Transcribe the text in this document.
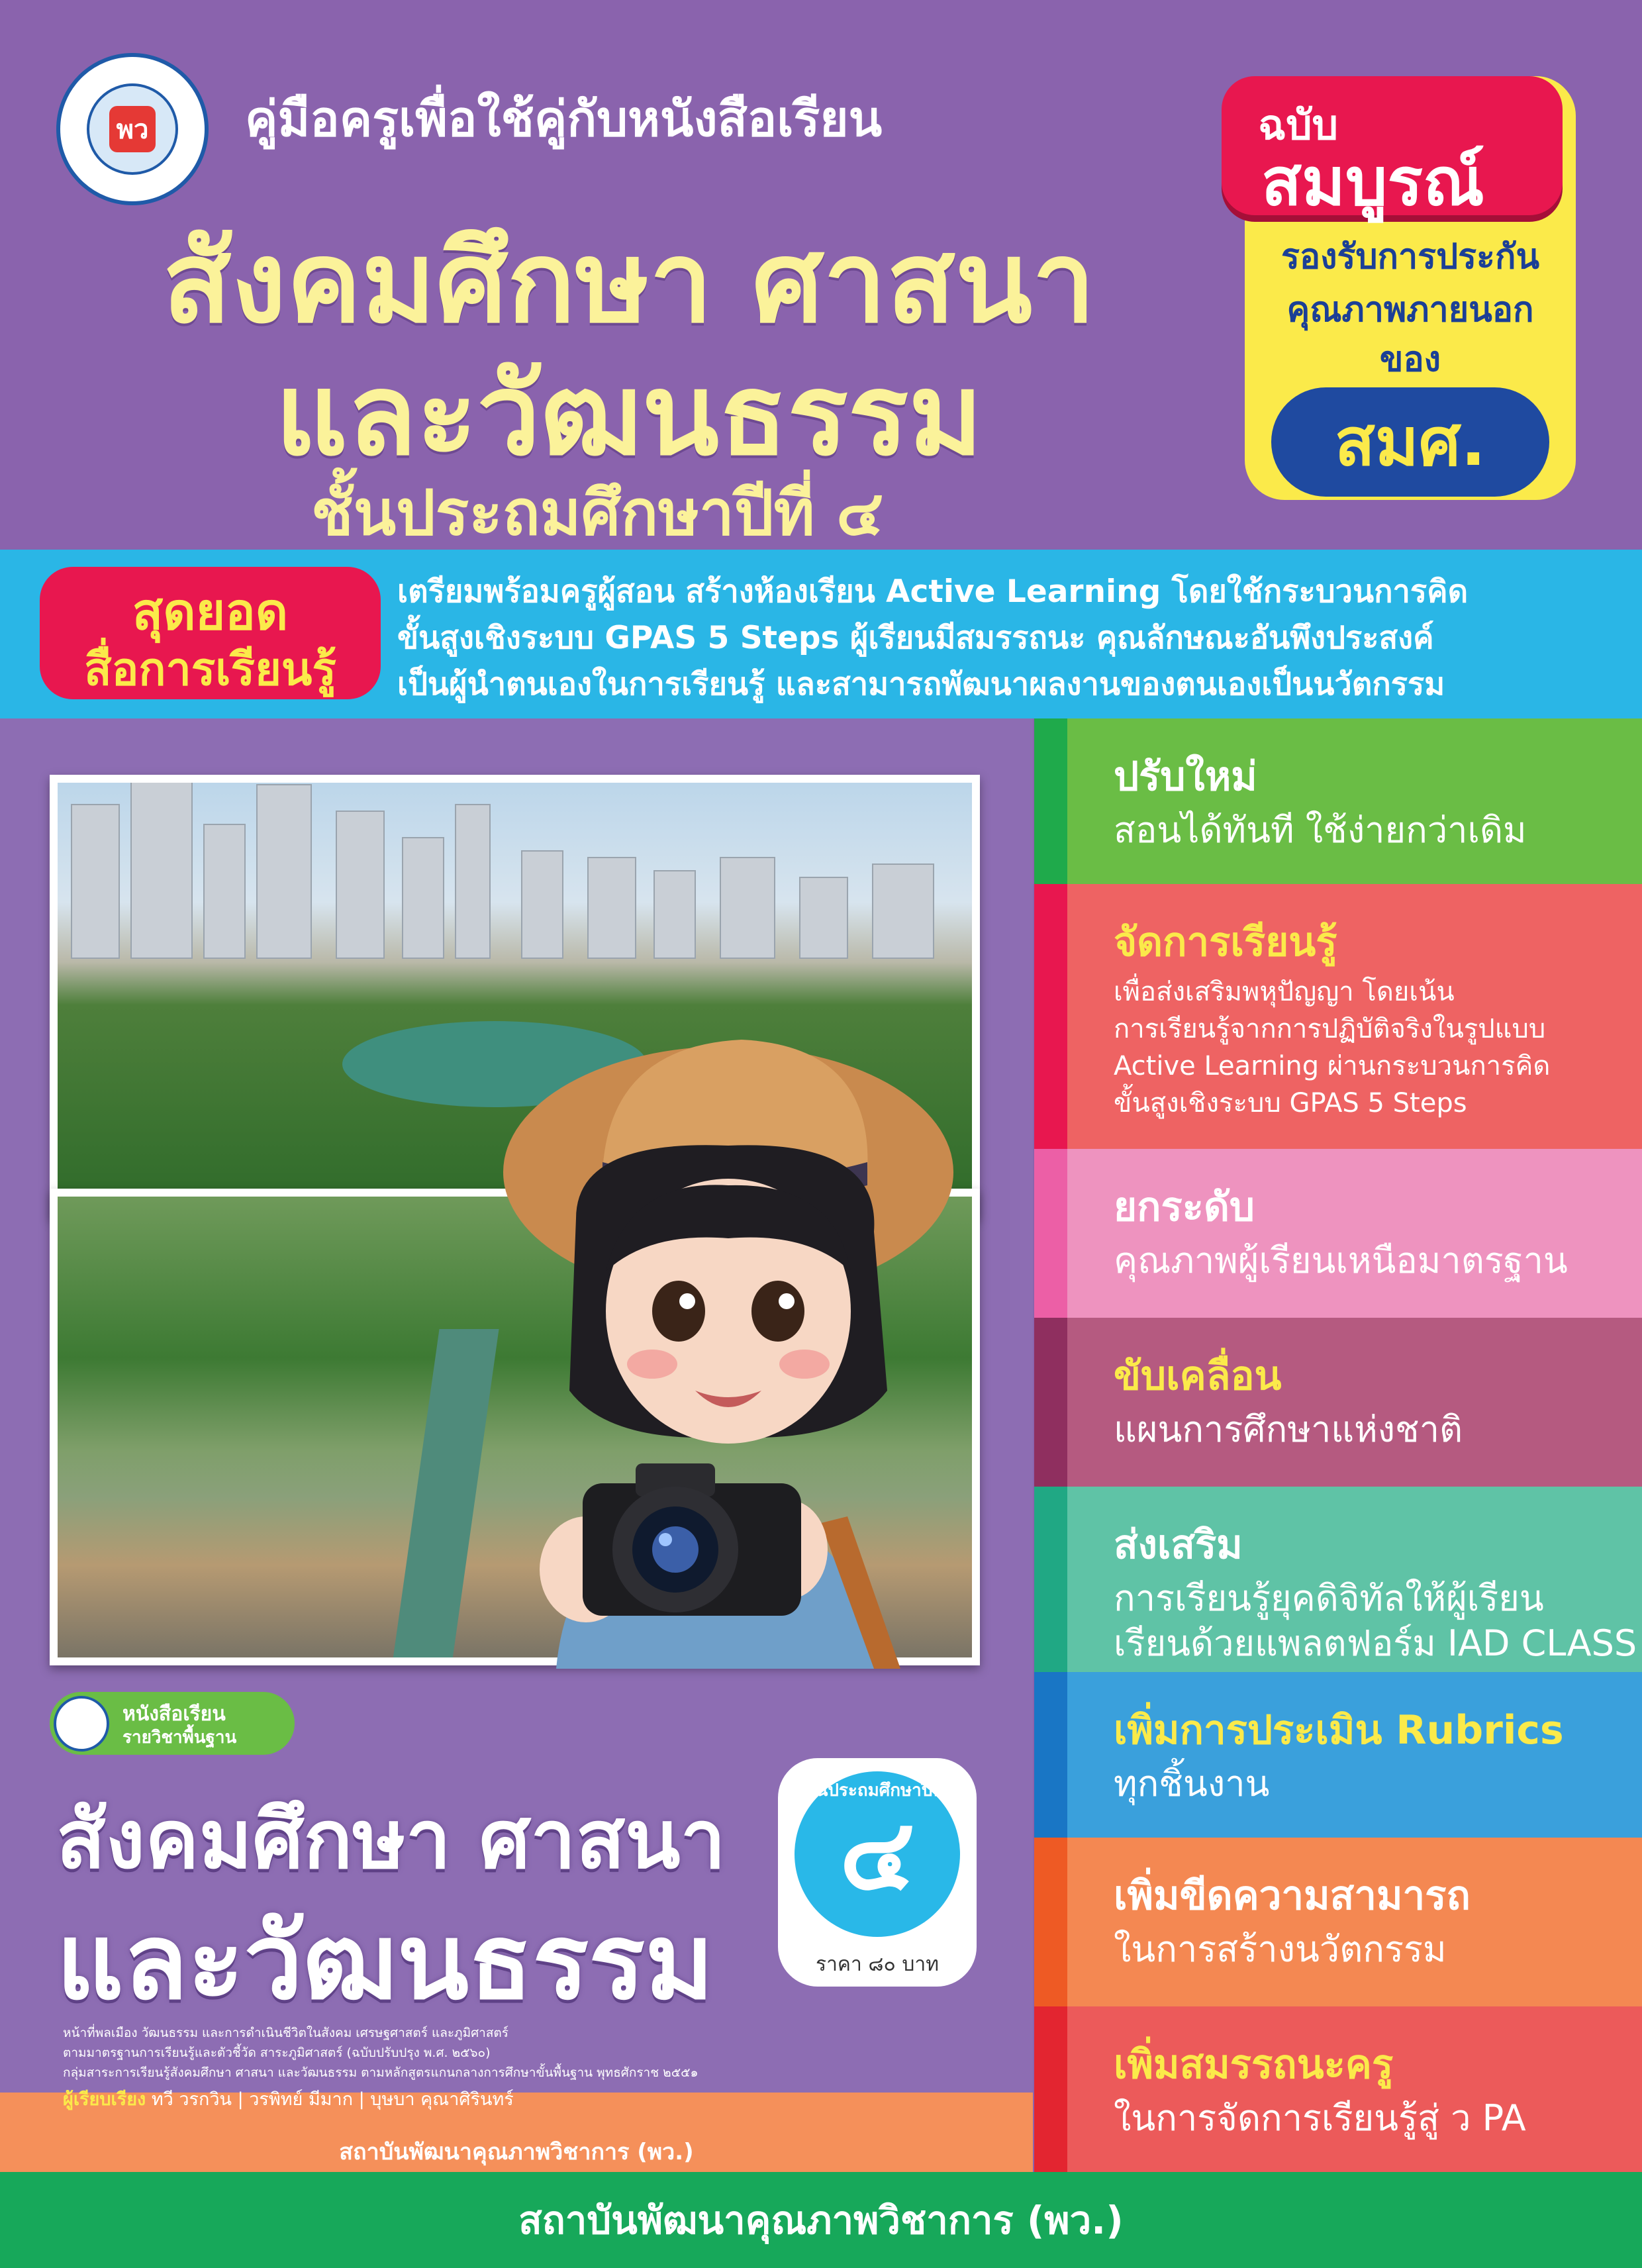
พว คู่มือครูเพื่อใช้คู่กับหนังสือเรียน
สังคมศึกษา ศาสนา
และวัฒนธรรม
ชั้นประถมศึกษาปีที่ ๔
ฉบับ
สมบูรณ์
รองรับการประกัน
คุณภาพภายนอก
ของ
สมศ.
สุดยอด
สื่อการเรียนรู้
เตรียมพร้อมครูผู้สอน สร้างห้องเรียน Active Learning โดยใช้กระบวนการคิด
ขั้นสูงเชิงระบบ GPAS 5 Steps ผู้เรียนมีสมรรถนะ คุณลักษณะอันพึงประสงค์
เป็นผู้นำตนเองในการเรียนรู้ และสามารถพัฒนาผลงานของตนเองเป็นนวัตกรรม
หนังสือเรียน
รายวิชาพื้นฐาน
สังคมศึกษา ศาสนา
และวัฒนธรรม
๔
ชั้นประถมศึกษาปีที่
ราคา ๘๐ บาท
หน้าที่พลเมือง วัฒนธรรม และการดำเนินชีวิตในสังคม เศรษฐศาสตร์ และภูมิศาสตร์
ตามมาตรฐานการเรียนรู้และตัวชี้วัด สาระภูมิศาสตร์ (ฉบับปรับปรุง พ.ศ. ๒๕๖๐)
กลุ่มสาระการเรียนรู้สังคมศึกษา ศาสนา และวัฒนธรรม ตามหลักสูตรแกนกลางการศึกษาขั้นพื้นฐาน พุทธศักราช ๒๕๕๑
สถาบันพัฒนาคุณภาพวิชาการ (พว.)
ผู้เรียบเรียง ทวี วรกวิน | วรพิทย์ มีมาก | บุษบา คุณาศิรินทร์
ปรับใหม่
สอนได้ทันที ใช้ง่ายกว่าเดิม
จัดการเรียนรู้
เพื่อส่งเสริมพหุปัญญา โดยเน้น
การเรียนรู้จากการปฏิบัติจริงในรูปแบบ
Active Learning ผ่านกระบวนการคิด
ขั้นสูงเชิงระบบ GPAS 5 Steps
ยกระดับ
คุณภาพผู้เรียนเหนือมาตรฐาน
ขับเคลื่อน
แผนการศึกษาแห่งชาติ
ส่งเสริม
การเรียนรู้ยุคดิจิทัลให้ผู้เรียน
เรียนด้วยแพลตฟอร์ม IAD CLASS
เพิ่มการประเมิน Rubrics
ทุกชิ้นงาน
เพิ่มขีดความสามารถ
ในการสร้างนวัตกรรม
เพิ่มสมรรถนะครู
ในการจัดการเรียนรู้สู่ ว PA
สถาบันพัฒนาคุณภาพวิชาการ (พว.)
